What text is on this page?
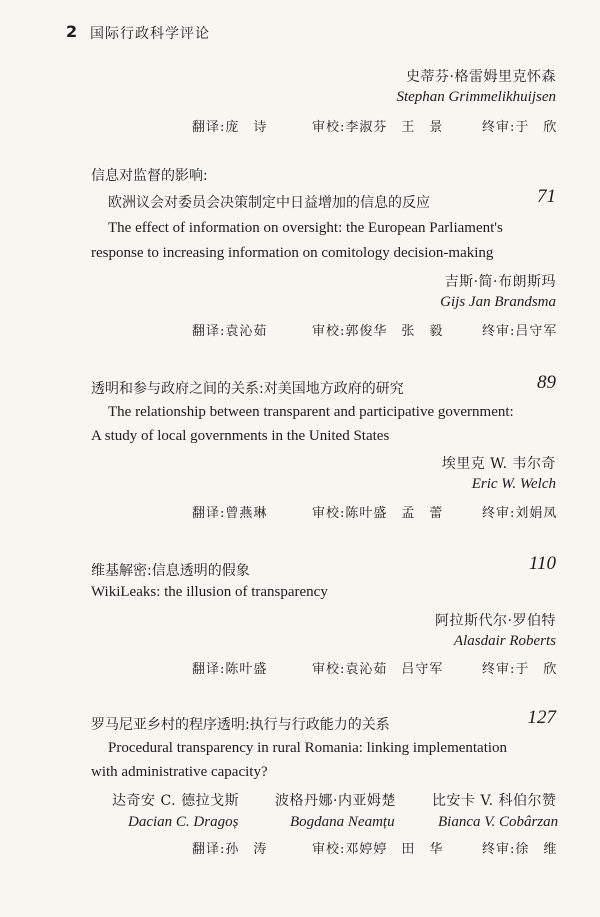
2 国际行政科学评论
史蒂芬·格雷姆里克怀森
Stephan Grimmelikhuijsen
翻译:庞　诗	审校:李淑芬　王　景	终审:于　欣
信息对监督的影响:
欧洲议会对委员会决策制定中日益增加的信息的反应	71
The effect of information on oversight: the European Parliament's
response to increasing information on comitology decision-making
吉斯·简·布朗斯玛
Gijs Jan Brandsma
翻译:袁沁茹	审校:郭俊华　张　毅	终审:吕守军
透明和参与政府之间的关系:对美国地方政府的研究	89
The relationship between transparent and participative government:
A study of local governments in the United States
埃里克 W. 韦尔奇
Eric W. Welch
翻译:曾燕琳	审校:陈叶盛　孟　蕾	终审:刘娟凤
维基解密:信息透明的假象	110
WikiLeaks: the illusion of transparency
阿拉斯代尔·罗伯特
Alasdair Roberts
翻译:陈叶盛	审校:袁沁茹　吕守军	终审:于　欣
罗马尼亚乡村的程序透明:执行与行政能力的关系	127
Procedural transparency in rural Romania: linking implementation
with administrative capacity?
达奇安 C. 德拉戈斯	波格丹娜·内亚姆楚	比安卡 V. 科伯尔赞
Dacian C. Dragoș	Bogdana Neamțu	Bianca V. Cobârzan
翻译:孙　涛	审校:邓婷婷　田　华	终审:徐　维
